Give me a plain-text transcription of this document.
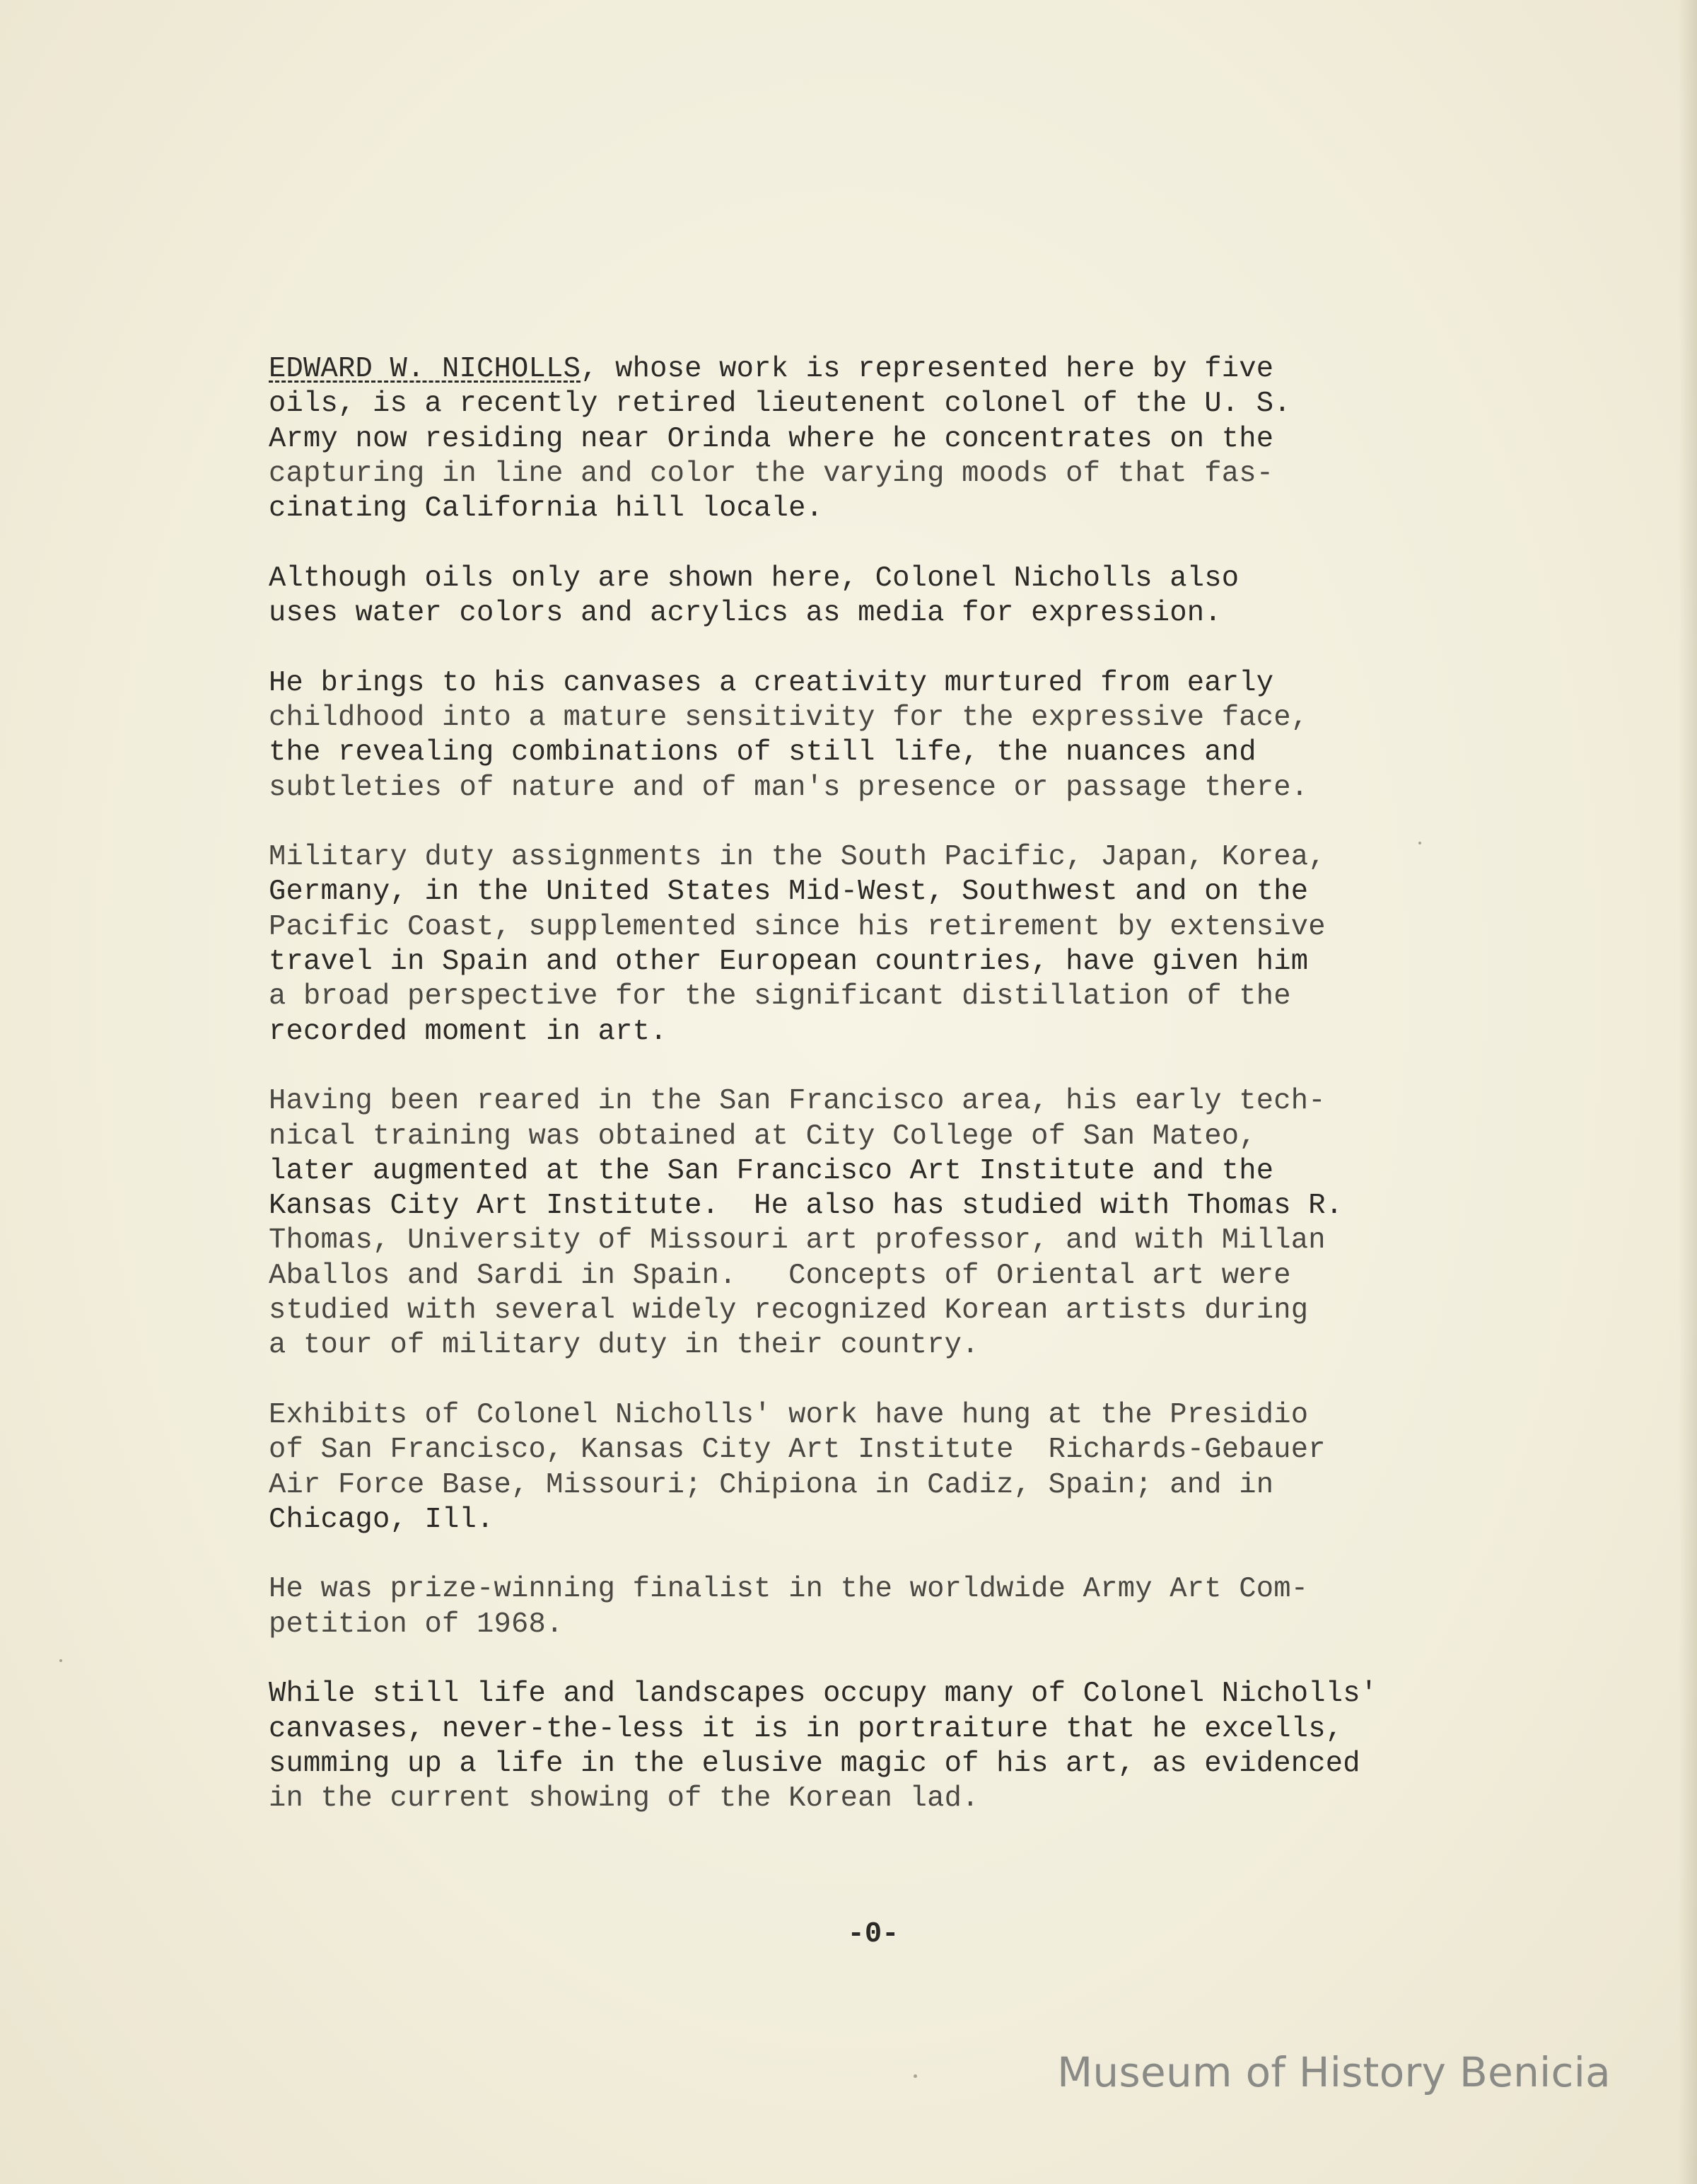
EDWARD W. NICHOLLS, whose work is represented here by five
oils, is a recently retired lieutenent colonel of the U. S.
Army now residing near Orinda where he concentrates on the
capturing in line and color the varying moods of that fas-
cinating California hill locale.

Although oils only are shown here, Colonel Nicholls also
uses water colors and acrylics as media for expression.

He brings to his canvases a creativity murtured from early
childhood into a mature sensitivity for the expressive face,
the revealing combinations of still life, the nuances and
subtleties of nature and of man's presence or passage there.

Military duty assignments in the South Pacific, Japan, Korea,
Germany, in the United States Mid-West, Southwest and on the
Pacific Coast, supplemented since his retirement by extensive
travel in Spain and other European countries, have given him
a broad perspective for the significant distillation of the
recorded moment in art.

Having been reared in the San Francisco area, his early tech-
nical training was obtained at City College of San Mateo,
later augmented at the San Francisco Art Institute and the
Kansas City Art Institute.  He also has studied with Thomas R.
Thomas, University of Missouri art professor, and with Millan
Aballos and Sardi in Spain.   Concepts of Oriental art were
studied with several widely recognized Korean artists during
a tour of military duty in their country.

Exhibits of Colonel Nicholls' work have hung at the Presidio
of San Francisco, Kansas City Art Institute  Richards-Gebauer
Air Force Base, Missouri; Chipiona in Cadiz, Spain; and in
Chicago, Ill.

He was prize-winning finalist in the worldwide Army Art Com-
petition of 1968.

While still life and landscapes occupy many of Colonel Nicholls'
canvases, never-the-less it is in portraiture that he excells,
summing up a life in the elusive magic of his art, as evidenced
in the current showing of the Korean lad.

-0-
Museum of History Benicia
